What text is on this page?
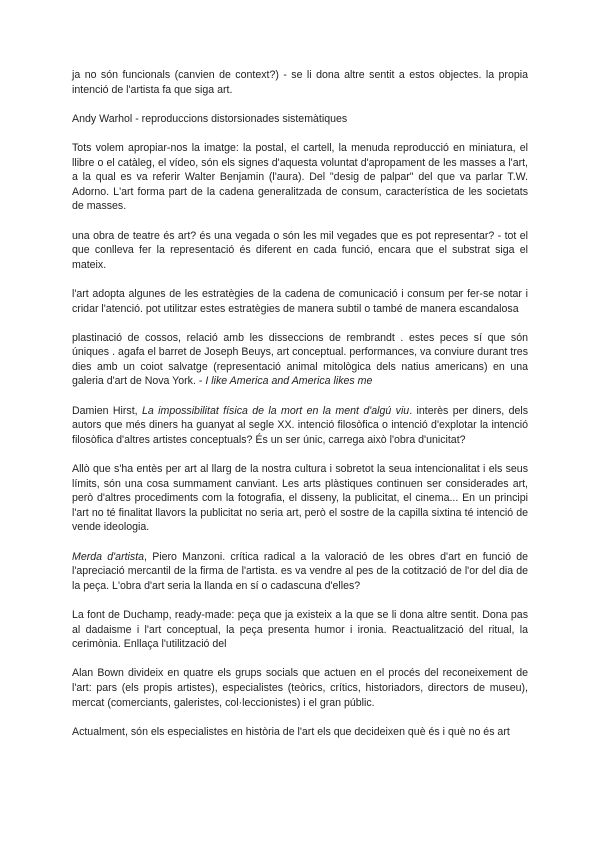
ja no són funcionals (canvien de context?) - se li dona altre sentit a estos objectes. la propia intenció de l'artista fa que siga art.

Andy Warhol - reproduccions distorsionades sistemàtiques

Tots volem apropiar-nos la imatge: la postal, el cartell, la menuda reproducció en miniatura, el llibre o el catàleg, el vídeo, són els signes d'aquesta voluntat d'apropament de les masses a l'art, a la qual es va referir Walter Benjamin (l'aura). Del "desig de palpar" del que va parlar T.W. Adorno. L'art forma part de la cadena generalitzada de consum, característica de les societats de masses.

una obra de teatre és art? és una vegada o són les mil vegades que es pot representar? - tot el que conlleva fer la representació és diferent en cada funció, encara que el substrat siga el mateix.

l'art adopta algunes de les estratègies de la cadena de comunicació i consum per fer-se notar i cridar l'atenció. pot utilitzar estes estratègies de manera subtil o també de manera escandalosa

plastinació de cossos, relació amb les disseccions de rembrandt . estes peces sí que són úniques . agafa el barret de Joseph Beuys, art conceptual. performances, va conviure durant tres dies amb un coiot salvatge (representació animal mitològica dels natius americans) en una galeria d'art de Nova York. - I like America and America likes me

Damien Hirst, La impossibilitat física de la mort en la ment d'algú viu. interès per diners, dels autors que més diners ha guanyat al segle XX. intenció filosòfica o intenció d'explotar la intenció filosòfica d'altres artistes conceptuals? És un ser únic, carrega això l'obra d'unicitat?

Allò que s'ha entès per art al llarg de la nostra cultura i sobretot la seua intencionalitat i els seus límits, són una cosa summament canviant. Les arts plàstiques continuen ser considerades art, però d'altres procediments com la fotografia, el disseny, la publicitat, el cinema... En un principi l'art no té finalitat llavors la publicitat no seria art, però el sostre de la capilla sixtina té intenció de vende ideologia.

Merda d'artista, Piero Manzoni. crítica radical a la valoració de les obres d'art en funció de l'apreciació mercantil de la firma de l'artista. es va vendre al pes de la cotització de l'or del dia de la peça. L'obra d'art seria la llanda en sí o cadascuna d'elles?

La font de Duchamp, ready-made: peça que ja existeix a la que se li dona altre sentit. Dona pas al dadaisme i l'art conceptual, la peça presenta humor i ironia. Reactualització del ritual, la cerimònia. Enllaça l'utilització del

Alan Bown divideix en quatre els grups socials que actuen en el procés del reconeixement de l'art: pars (els propis artistes), especialistes (teòrics, crítics, historiadors, directors de museu), mercat (comerciants, galeristes, col·leccionistes) i el gran públic.

Actualment, són els especialistes en història de l'art els que decideixen què és i què no és art
